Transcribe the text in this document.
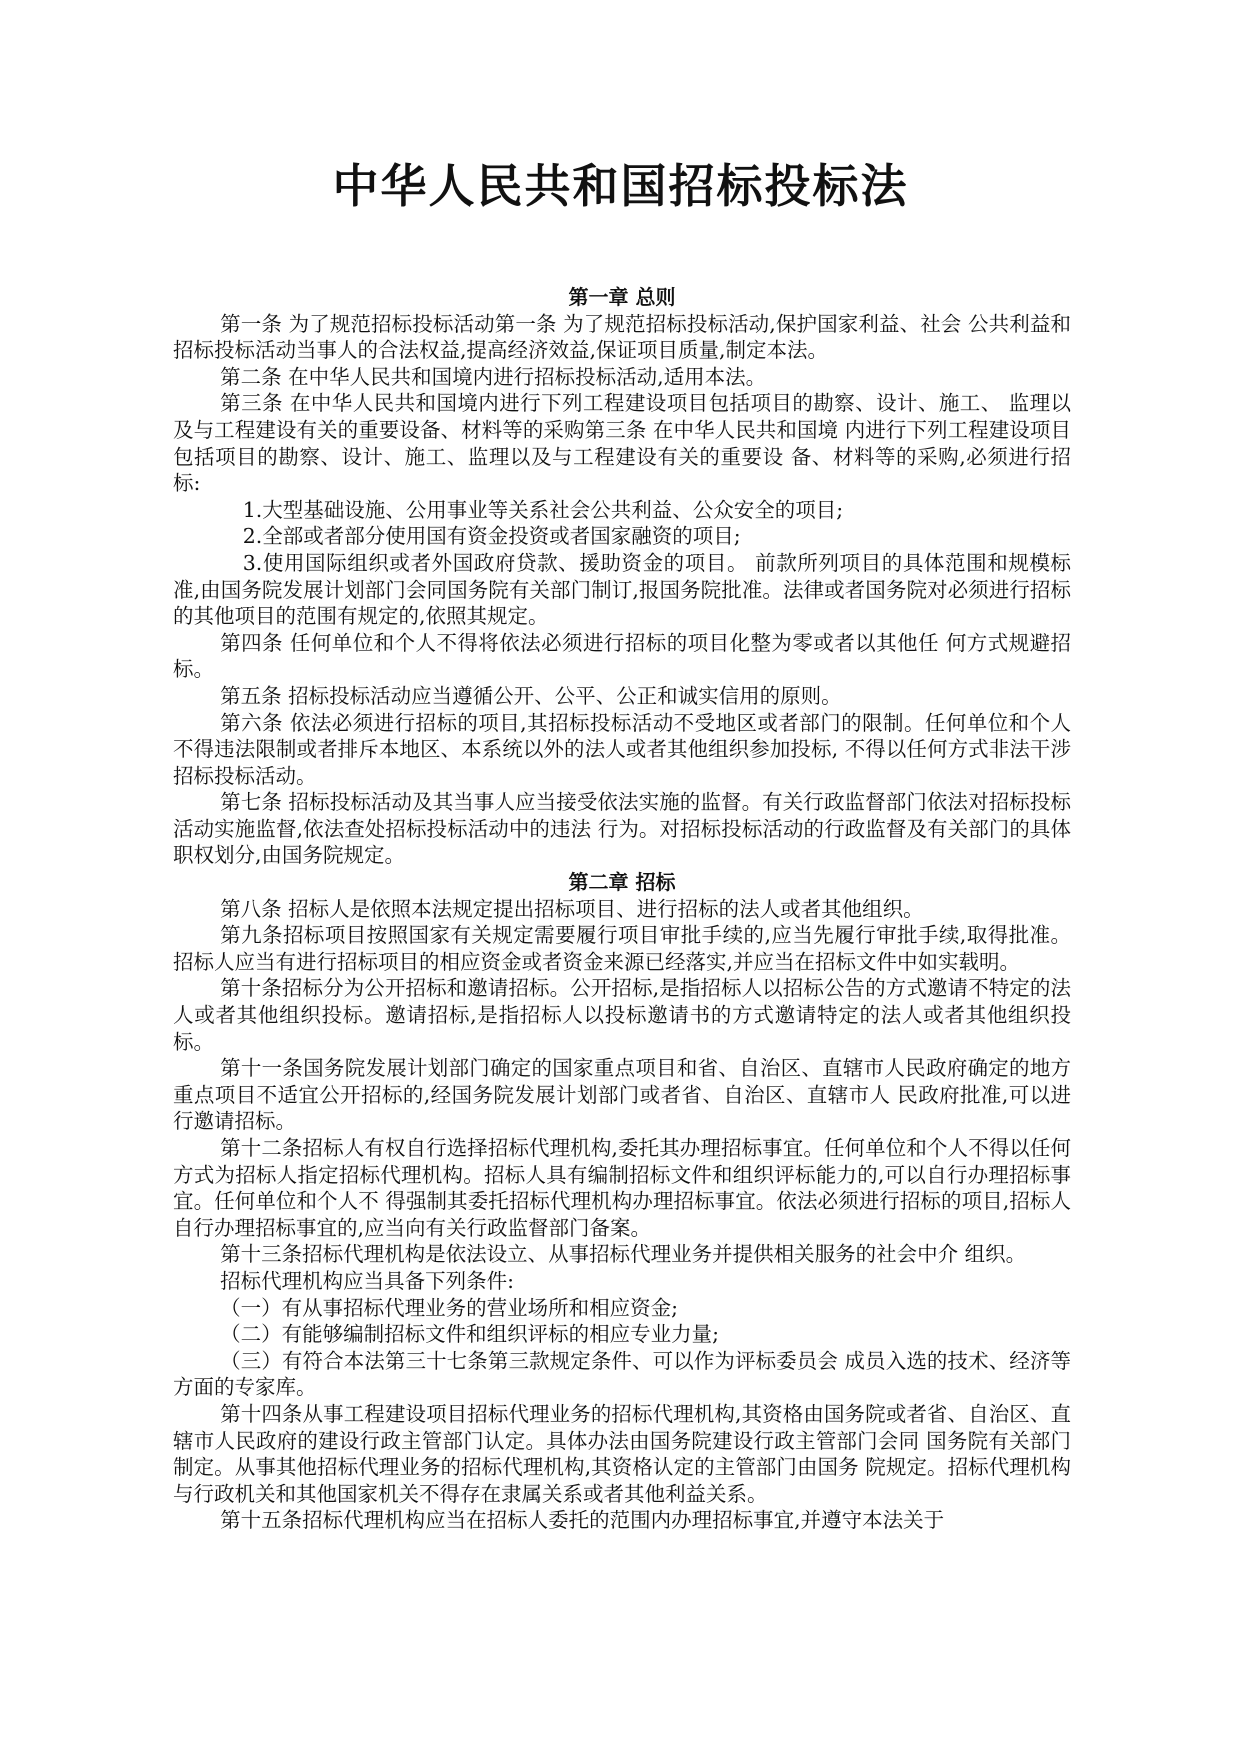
中华人民共和国招标投标法
第一章 总则

第一条 为了规范招标投标活动第一条 为了规范招标投标活动,保护国家利益、社会 公共利益和招标投标活动当事人的合法权益,提高经济效益,保证项目质量,制定本法。

第二条 在中华人民共和国境内进行招标投标活动,适用本法。

第三条 在中华人民共和国境内进行下列工程建设项目包括项目的勘察、设计、施工、 监理以及与工程建设有关的重要设备、材料等的采购第三条 在中华人民共和国境 内进行下列工程建设项目包括项目的勘察、设计、施工、监理以及与工程建设有关的重要设 备、材料等的采购,必须进行招标:

1.大型基础设施、公用事业等关系社会公共利益、公众安全的项目;

2.全部或者部分使用国有资金投资或者国家融资的项目;

3.使用国际组织或者外国政府贷款、援助资金的项目。 前款所列项目的具体范围和规模标准,由国务院发展计划部门会同国务院有关部门制订,报国务院批准。法律或者国务院对必须进行招标的其他项目的范围有规定的,依照其规定。

第四条 任何单位和个人不得将依法必须进行招标的项目化整为零或者以其他任 何方式规避招标。

第五条 招标投标活动应当遵循公开、公平、公正和诚实信用的原则。

第六条 依法必须进行招标的项目,其招标投标活动不受地区或者部门的限制。任何单位和个人不得违法限制或者排斥本地区、本系统以外的法人或者其他组织参加投标, 不得以任何方式非法干涉招标投标活动。

第七条 招标投标活动及其当事人应当接受依法实施的监督。有关行政监督部门依法对招标投标活动实施监督,依法查处招标投标活动中的违法 行为。对招标投标活动的行政监督及有关部门的具体职权划分,由国务院规定。

第二章 招标

第八条 招标人是依照本法规定提出招标项目、进行招标的法人或者其他组织。

第九条招标项目按照国家有关规定需要履行项目审批手续的,应当先履行审批手续,取得批准。招标人应当有进行招标项目的相应资金或者资金来源已经落实,并应当在招标文件中如实载明。

第十条招标分为公开招标和邀请招标。公开招标,是指招标人以招标公告的方式邀请不特定的法人或者其他组织投标。邀请招标,是指招标人以投标邀请书的方式邀请特定的法人或者其他组织投标。

第十一条国务院发展计划部门确定的国家重点项目和省、自治区、直辖市人民政府确定的地方重点项目不适宜公开招标的,经国务院发展计划部门或者省、自治区、直辖市人 民政府批准,可以进行邀请招标。

第十二条招标人有权自行选择招标代理机构,委托其办理招标事宜。任何单位和个人不得以任何方式为招标人指定招标代理机构。招标人具有编制招标文件和组织评标能力的,可以自行办理招标事宜。任何单位和个人不 得强制其委托招标代理机构办理招标事宜。依法必须进行招标的项目,招标人自行办理招标事宜的,应当向有关行政监督部门备案。

第十三条招标代理机构是依法设立、从事招标代理业务并提供相关服务的社会中介 组织。

招标代理机构应当具备下列条件:

（一）有从事招标代理业务的营业场所和相应资金;

（二）有能够编制招标文件和组织评标的相应专业力量;

（三）有符合本法第三十七条第三款规定条件、可以作为评标委员会 成员入选的技术、经济等方面的专家库。

第十四条从事工程建设项目招标代理业务的招标代理机构,其资格由国务院或者省、自治区、直辖市人民政府的建设行政主管部门认定。具体办法由国务院建设行政主管部门会同 国务院有关部门制定。从事其他招标代理业务的招标代理机构,其资格认定的主管部门由国务 院规定。招标代理机构与行政机关和其他国家机关不得存在隶属关系或者其他利益关系。

第十五条招标代理机构应当在招标人委托的范围内办理招标事宜,并遵守本法关于
